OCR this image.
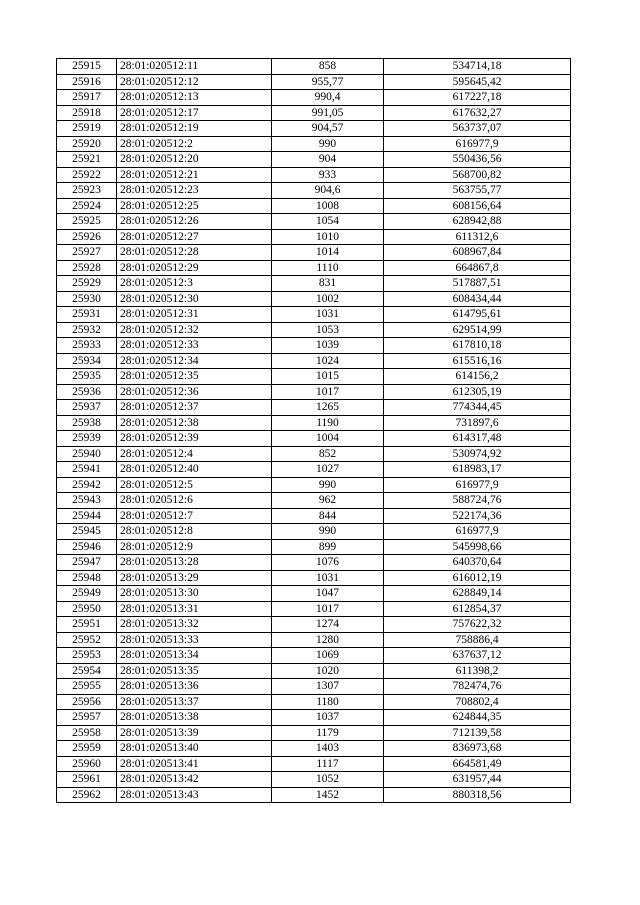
25915	28:01:020512:11	858	534714,18
25916	28:01:020512:12	955,77	595645,42
25917	28:01:020512:13	990,4	617227,18
25918	28:01:020512:17	991,05	617632,27
25919	28:01:020512:19	904,57	563737,07
25920	28:01:020512:2	990	616977,9
25921	28:01:020512:20	904	550436,56
25922	28:01:020512:21	933	568700,82
25923	28:01:020512:23	904,6	563755,77
25924	28:01:020512:25	1008	608156,64
25925	28:01:020512:26	1054	628942,88
25926	28:01:020512:27	1010	611312,6
25927	28:01:020512:28	1014	608967,84
25928	28:01:020512:29	1110	664867,8
25929	28:01:020512:3	831	517887,51
25930	28:01:020512:30	1002	608434,44
25931	28:01:020512:31	1031	614795,61
25932	28:01:020512:32	1053	629514,99
25933	28:01:020512:33	1039	617810,18
25934	28:01:020512:34	1024	615516,16
25935	28:01:020512:35	1015	614156,2
25936	28:01:020512:36	1017	612305,19
25937	28:01:020512:37	1265	774344,45
25938	28:01:020512:38	1190	731897,6
25939	28:01:020512:39	1004	614317,48
25940	28:01:020512:4	852	530974,92
25941	28:01:020512:40	1027	618983,17
25942	28:01:020512:5	990	616977,9
25943	28:01:020512:6	962	588724,76
25944	28:01:020512:7	844	522174,36
25945	28:01:020512:8	990	616977,9
25946	28:01:020512:9	899	545998,66
25947	28:01:020513:28	1076	640370,64
25948	28:01:020513:29	1031	616012,19
25949	28:01:020513:30	1047	628849,14
25950	28:01:020513:31	1017	612854,37
25951	28:01:020513:32	1274	757622,32
25952	28:01:020513:33	1280	758886,4
25953	28:01:020513:34	1069	637637,12
25954	28:01:020513:35	1020	611398,2
25955	28:01:020513:36	1307	782474,76
25956	28:01:020513:37	1180	708802,4
25957	28:01:020513:38	1037	624844,35
25958	28:01:020513:39	1179	712139,58
25959	28:01:020513:40	1403	836973,68
25960	28:01:020513:41	1117	664581,49
25961	28:01:020513:42	1052	631957,44
25962	28:01:020513:43	1452	880318,56
